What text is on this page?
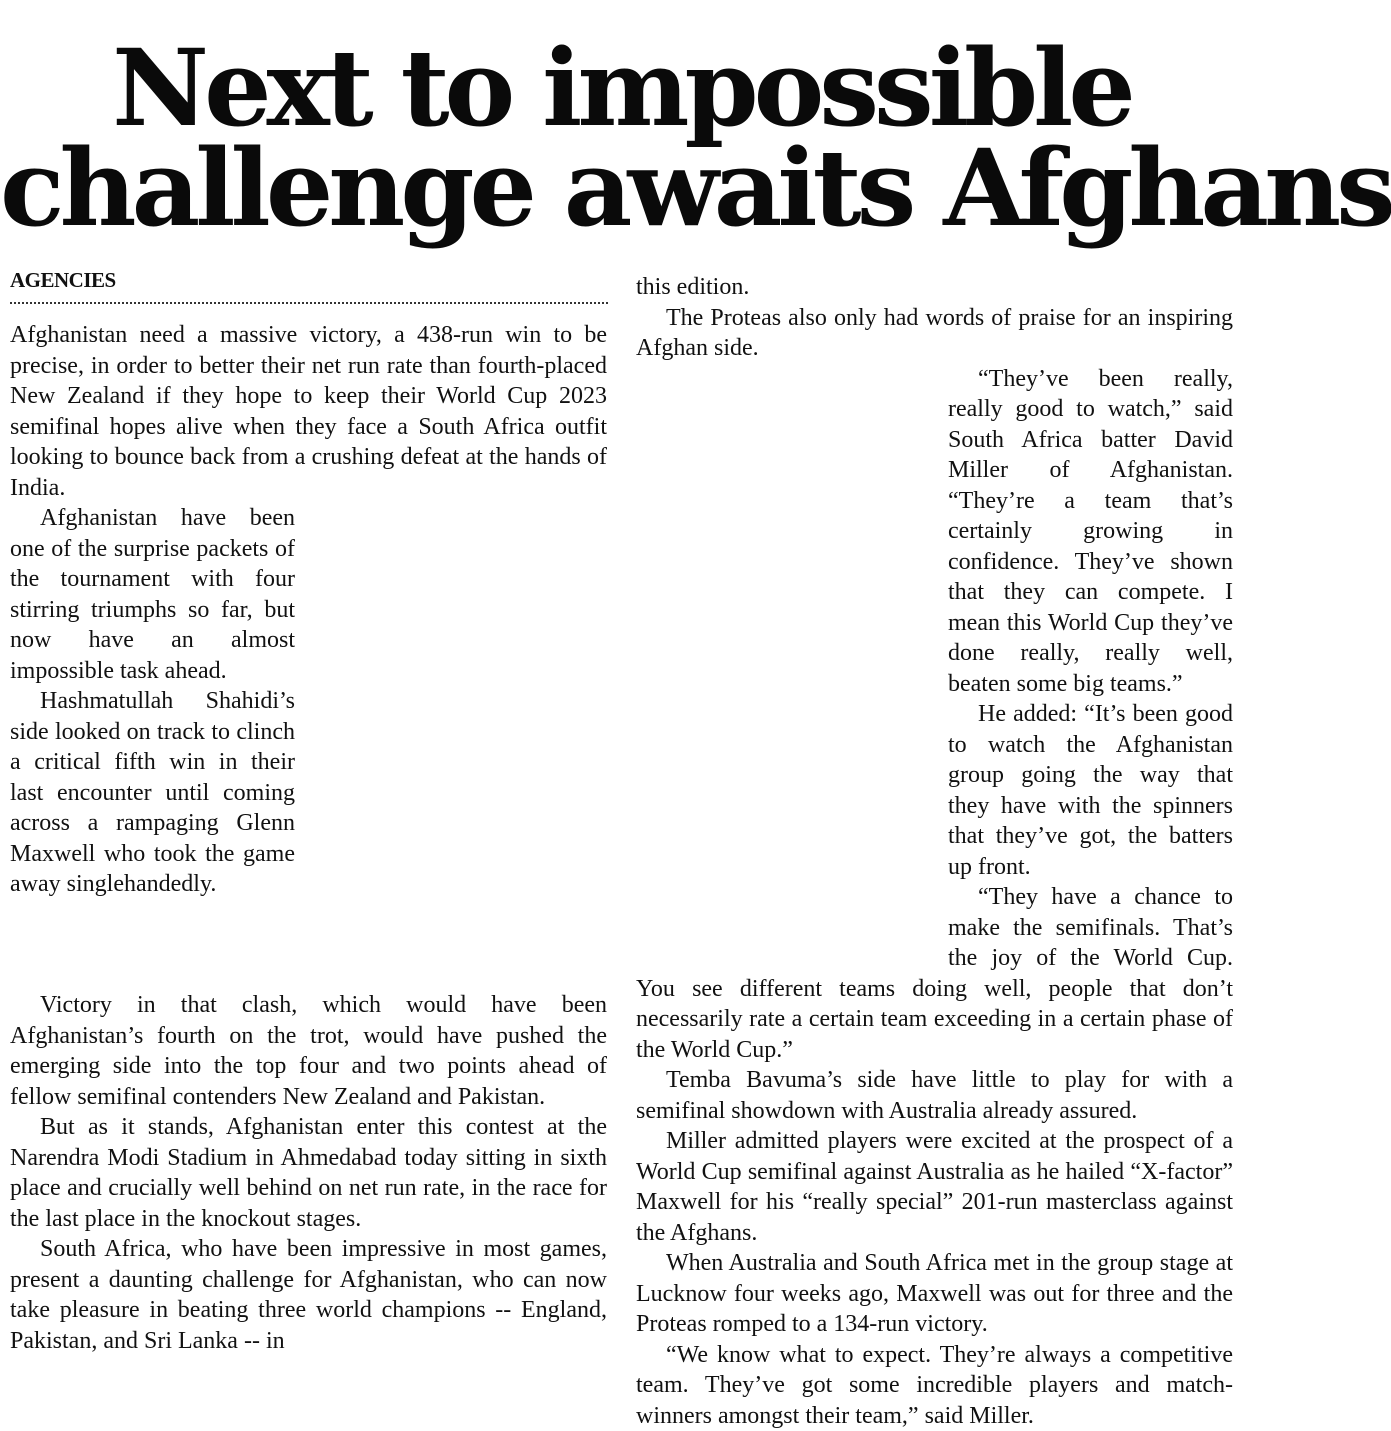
Next to impossible
challenge awaits Afghans
AGENCIES

Afghanistan need a massive victory, a 438-run win to be precise, in order to better their net run rate than fourth-placed New Zealand if they hope to keep their World Cup 2023 semifinal hopes alive when they face a South Africa outfit looking to bounce back from a crushing defeat at the hands of India.

Afghanistan have been one of the surprise packets of the tournament with four stirring triumphs so far, but now have an almost impossible task ahead.

Hashmatullah Shahidi’s side looked on track to clinch a critical fifth win in their last encounter until coming across a rampaging Glenn Maxwell who took the game away singlehandedly.

Victory in that clash, which would have been Afghanistan’s fourth on the trot, would have pushed the emerging side into the top four and two points ahead of fellow semifinal contenders New Zealand and Pakistan.

But as it stands, Afghanistan enter this contest at the Narendra Modi Stadium in Ahmedabad today sitting in sixth place and crucially well behind on net run rate, in the race for the last place in the knockout stages.

South Africa, who have been impressive in most games, present a daunting challenge for Afghanistan, who can now take pleasure in beating three world champions -- England, Pakistan, and Sri Lanka -- in

this edition.

The Proteas also only had words of praise for an inspiring Afghan side.

“They’ve been really, really good to watch,” said South Africa batter David Miller of Afghanistan. “They’re a team that’s certainly growing in confidence. They’ve shown that they can compete. I mean this World Cup they’ve done really, really well, beaten some big teams.”

He added: “It’s been good to watch the Afghanistan group going the way that they have with the spinners that they’ve got, the batters up front.

“They have a chance to make the semifinals. That’s the joy of the World Cup. You see different teams doing well, people that don’t necessarily rate a certain team exceeding in a certain phase of the World Cup.”

Temba Bavuma’s side have little to play for with a semifinal showdown with Australia already assured.

Miller admitted players were excited at the prospect of a World Cup semifinal against Australia as he hailed “X-factor” Maxwell for his “really special” 201-run masterclass against the Afghans.

When Australia and South Africa met in the group stage at Lucknow four weeks ago, Maxwell was out for three and the Proteas romped to a 134-run victory.

“We know what to expect. They’re always a competitive team. They’ve got some incredible players and match-winners amongst their team,” said Miller.
